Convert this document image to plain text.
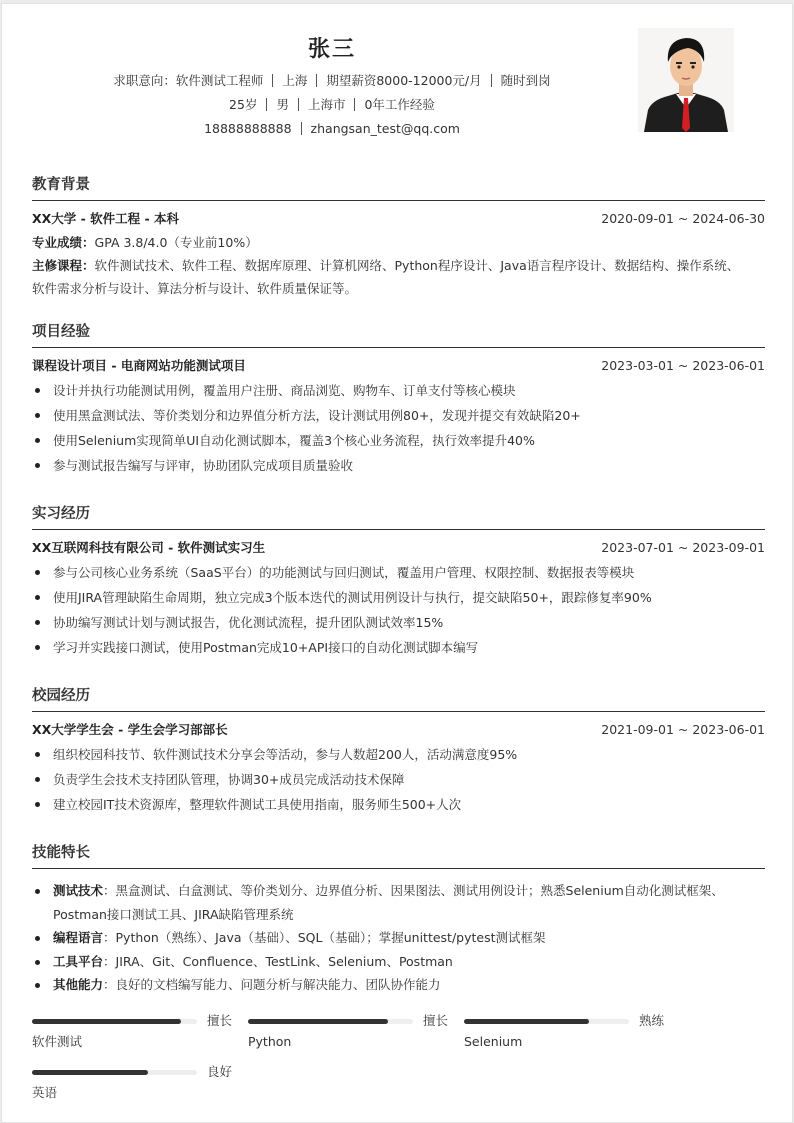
张三
求职意向：软件测试工程师 上海 期望薪资8000-12000元/月 随时到岗
25岁 男 上海市 0年工作经验
18888888888 zhangsan_test@qq.com
教育背景
XX大学 - 软件工程 - 本科	2020-09-01 ~ 2024-06-30
专业成绩：GPA 3.8/4.0（专业前10%）
主修课程：软件测试技术、软件工程、数据库原理、计算机网络、Python程序设计、Java语言程序设计、数据结构、操作系统、
软件需求分析与设计、算法分析与设计、软件质量保证等。
项目经验
课程设计项目 - 电商网站功能测试项目	2023-03-01 ~ 2023-06-01
设计并执行功能测试用例，覆盖用户注册、商品浏览、购物车、订单支付等核心模块
使用黑盒测试法、等价类划分和边界值分析方法，设计测试用例80+，发现并提交有效缺陷20+
使用Selenium实现简单UI自动化测试脚本，覆盖3个核心业务流程，执行效率提升40%
参与测试报告编写与评审，协助团队完成项目质量验收
实习经历
XX互联网科技有限公司 - 软件测试实习生	2023-07-01 ~ 2023-09-01
参与公司核心业务系统（SaaS平台）的功能测试与回归测试，覆盖用户管理、权限控制、数据报表等模块
使用JIRA管理缺陷生命周期，独立完成3个版本迭代的测试用例设计与执行，提交缺陷50+，跟踪修复率90%
协助编写测试计划与测试报告，优化测试流程，提升团队测试效率15%
学习并实践接口测试，使用Postman完成10+API接口的自动化测试脚本编写
校园经历
XX大学学生会 - 学生会学习部部长	2021-09-01 ~ 2023-06-01
组织校园科技节、软件测试技术分享会等活动，参与人数超200人，活动满意度95%
负责学生会技术支持团队管理，协调30+成员完成活动技术保障
建立校园IT技术资源库，整理软件测试工具使用指南，服务师生500+人次
技能特长
测试技术：黑盒测试、白盒测试、等价类划分、边界值分析、因果图法、测试用例设计；熟悉Selenium自动化测试框架、
Postman接口测试工具、JIRA缺陷管理系统
编程语言：Python（熟练）、Java（基础）、SQL（基础）；掌握unittest/pytest测试框架
工具平台：JIRA、Git、Confluence、TestLink、Selenium、Postman
其他能力：良好的文档编写能力、问题分析与解决能力、团队协作能力
擅长
软件测试
擅长
Python
熟练
Selenium
良好
英语
